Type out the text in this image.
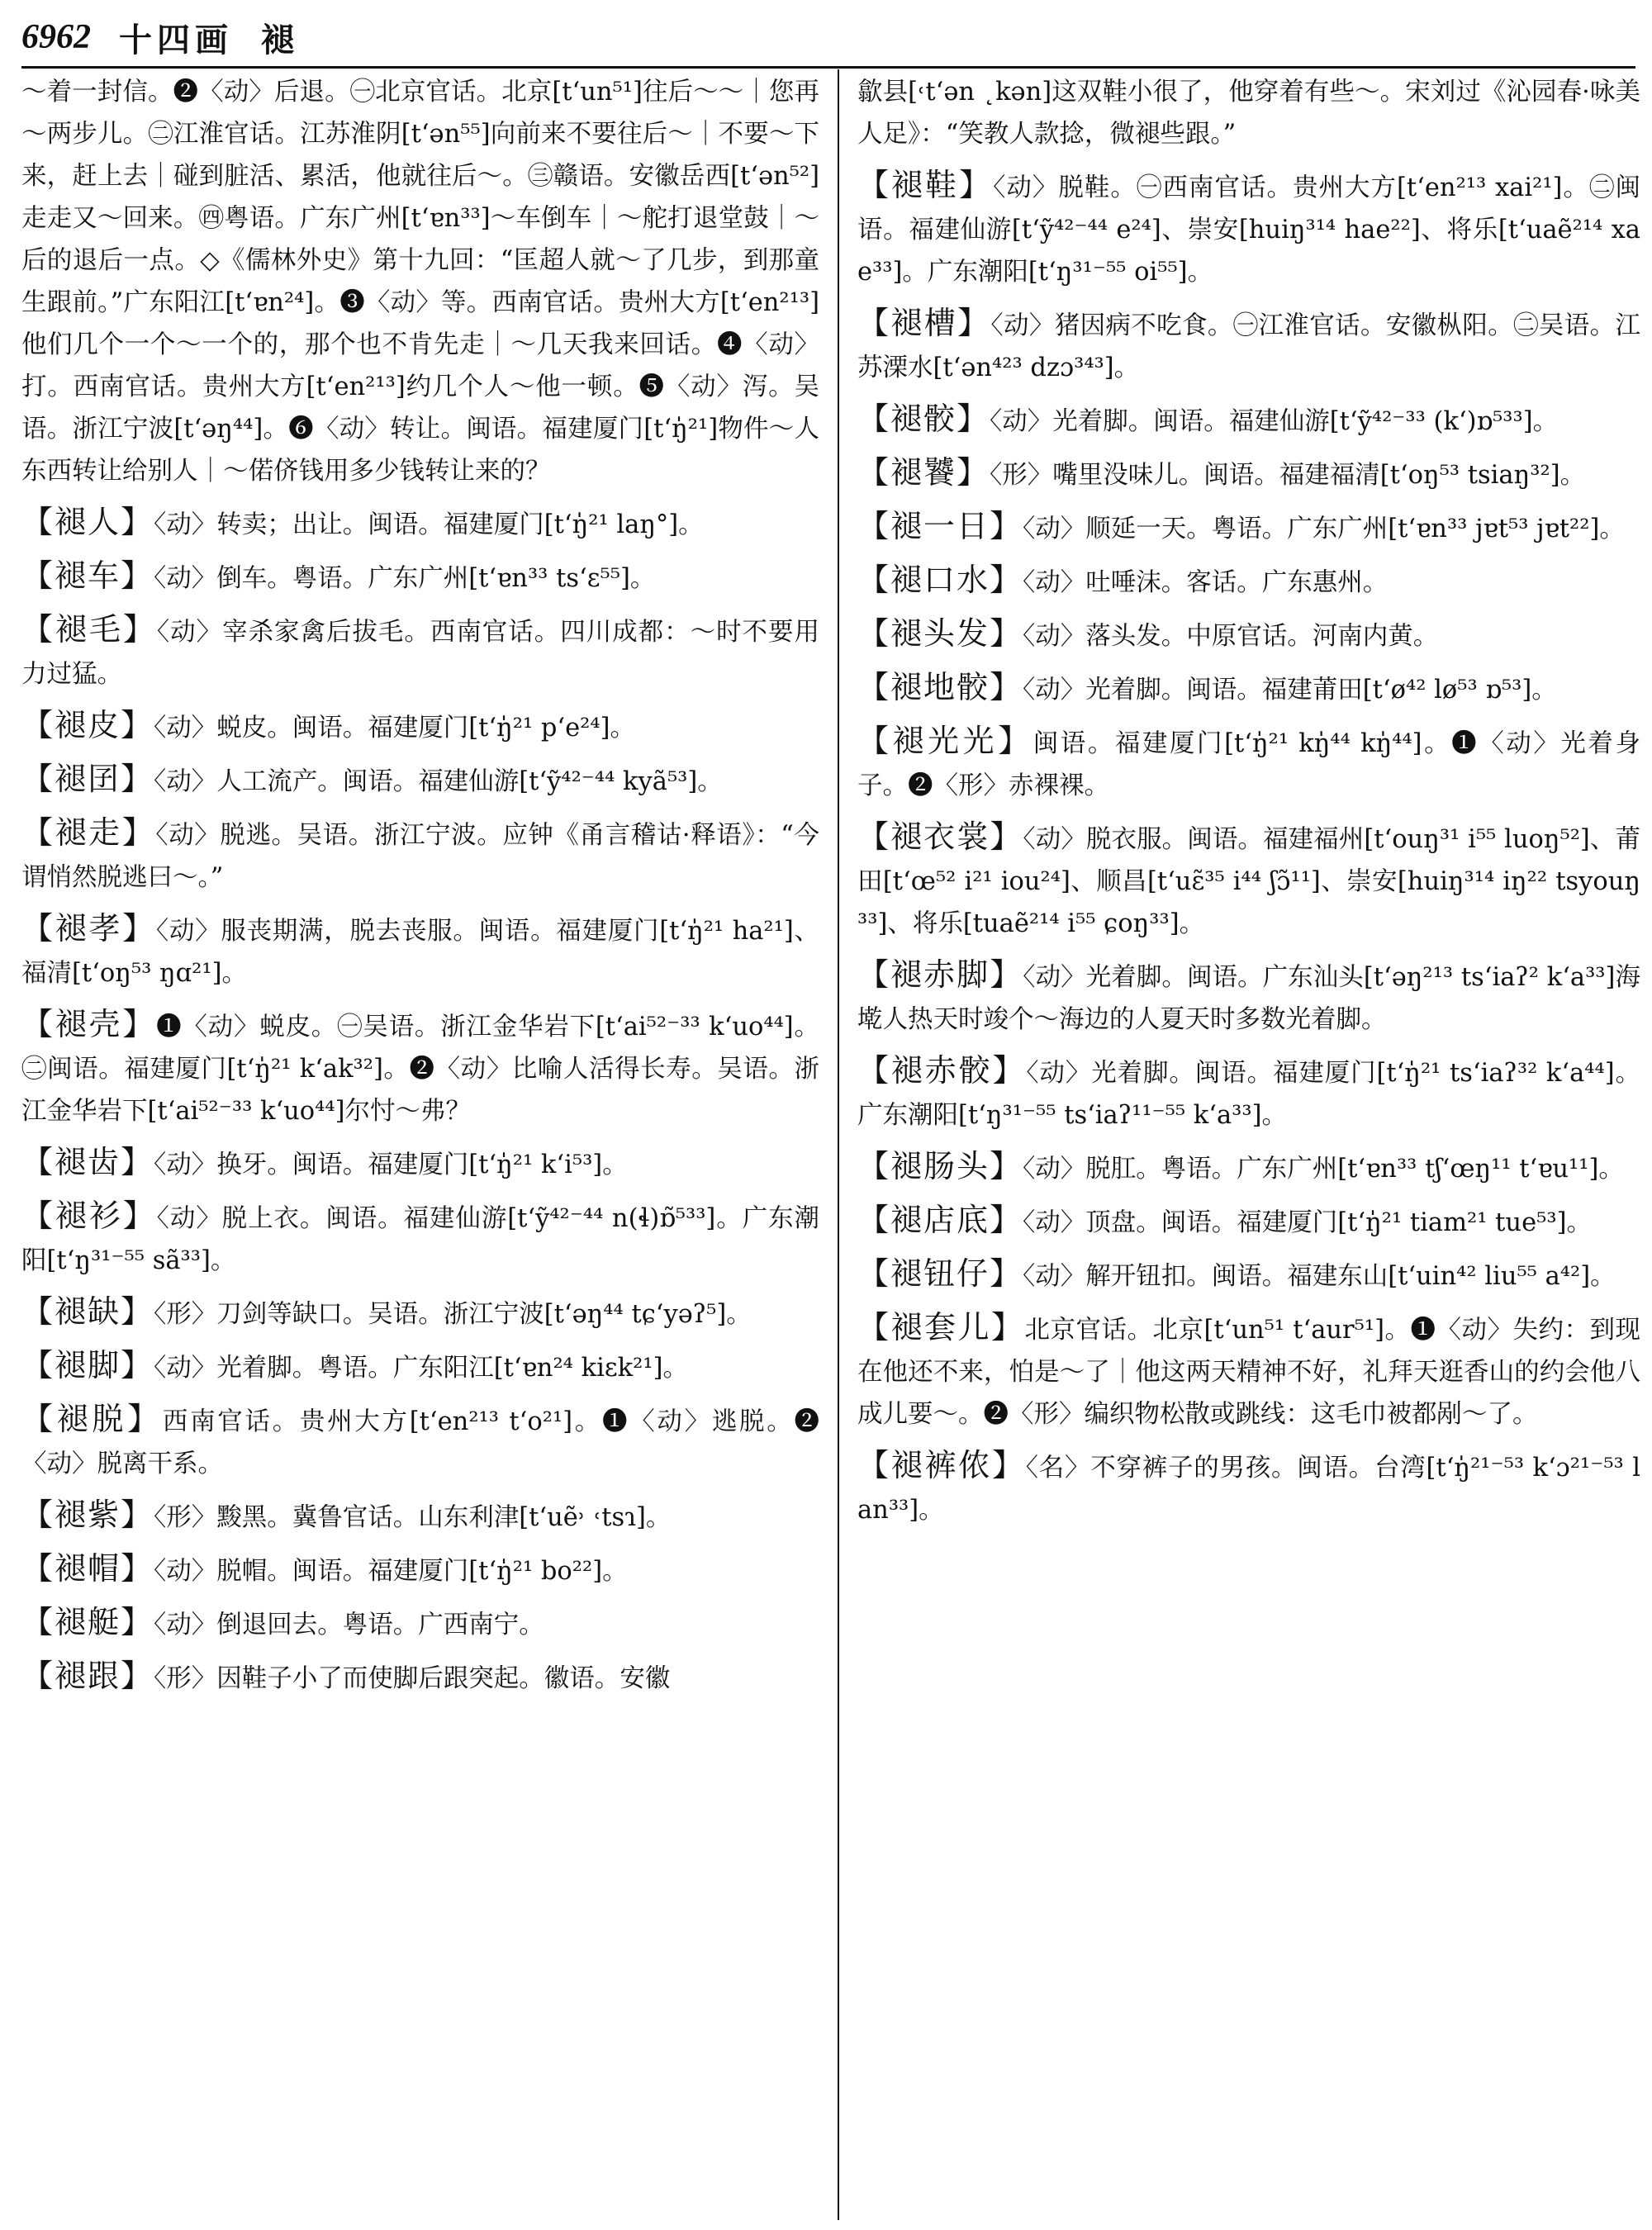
6962 十四画 褪

～着一封信。❷〈动〉后退。㊀北京官话。北京[tʻun⁵¹]往后～～｜您再～两步儿。㊁江淮官话。江苏淮阴[tʻən⁵⁵]向前来不要往后～｜不要～下来，赶上去｜碰到脏活、累活，他就往后～。㊂赣语。安徽岳西[tʻən⁵²]走走又～回来。㊃粤语。广东广州[tʻɐn³³]～车倒车｜～舵打退堂鼓｜～后的退后一点。◇《儒林外史》第十九回：“匡超人就～了几步，到那童生跟前。”广东阳江[tʻɐn²⁴]。❸〈动〉等。西南官话。贵州大方[tʻen²¹³]他们几个一个～一个的，那个也不肯先走｜～几天我来回话。❹〈动〉打。西南官话。贵州大方[tʻen²¹³]约几个人～他一顿。❺〈动〉泻。吴语。浙江宁波[tʻəŋ⁴⁴]。❻〈动〉转让。闽语。福建厦门[tʻŋ̍²¹]物件～人东西转让给别人｜～偌侪钱用多少钱转让来的？

【褪人】〈动〉转卖；出让。闽语。福建厦门[tʻŋ̍²¹ laŋ°]。

【褪车】〈动〉倒车。粤语。广东广州[tʻɐn³³ tsʻɛ⁵⁵]。

【褪毛】〈动〉宰杀家禽后拔毛。西南官话。四川成都：～时不要用力过猛。

【褪皮】〈动〉蜕皮。闽语。福建厦门[tʻŋ̍²¹ pʻe²⁴]。

【褪囝】〈动〉人工流产。闽语。福建仙游[tʻỹ⁴²⁻⁴⁴ kyã⁵³]。

【褪走】〈动〉脱逃。吴语。浙江宁波。应钟《甬言稽诂·释语》：“今谓悄然脱逃曰～。”

【褪孝】〈动〉服丧期满，脱去丧服。闽语。福建厦门[tʻŋ̍²¹ ha²¹]、福清[tʻoŋ⁵³ ŋɑ²¹]。

【褪壳】❶〈动〉蜕皮。㊀吴语。浙江金华岩下[tʻai⁵²⁻³³ kʻuo⁴⁴]。㊁闽语。福建厦门[tʻŋ̍²¹ kʻak³²]。❷〈动〉比喻人活得长寿。吴语。浙江金华岩下[tʻai⁵²⁻³³ kʻuo⁴⁴]尔忖～弗？

【褪齿】〈动〉换牙。闽语。福建厦门[tʻŋ̍²¹ kʻi⁵³]。

【褪衫】〈动〉脱上衣。闽语。福建仙游[tʻỹ⁴²⁻⁴⁴ n(ɬ)ɒ̃⁵³³]。广东潮阳[tʻŋ³¹⁻⁵⁵ sã³³]。

【褪缺】〈形〉刀剑等缺口。吴语。浙江宁波[tʻəŋ⁴⁴ tɕʻyəʔ⁵]。

【褪脚】〈动〉光着脚。粤语。广东阳江[tʻɐn²⁴ kiɛk²¹]。

【褪脱】西南官话。贵州大方[tʻen²¹³ tʻo²¹]。❶〈动〉逃脱。❷〈动〉脱离干系。

【褪紫】〈形〉黢黑。冀鲁官话。山东利津[tʻuẽ˒ ˓tsɿ]。

【褪帽】〈动〉脱帽。闽语。福建厦门[tʻŋ̍²¹ bo²²]。

【褪艇】〈动〉倒退回去。粤语。广西南宁。

【褪跟】〈形〉因鞋子小了而使脚后跟突起。徽语。安徽

歙县[˓tʻən ˛kən]这双鞋小很了，他穿着有些～。宋刘过《沁园春·咏美人足》：“笑教人款捻，微褪些跟。”

【褪鞋】〈动〉脱鞋。㊀西南官话。贵州大方[tʻen²¹³ xai²¹]。㊁闽语。福建仙游[tʻỹ⁴²⁻⁴⁴ e²⁴]、崇安[huiŋ³¹⁴ hae²²]、将乐[tʻuaẽ²¹⁴ xae³³]。广东潮阳[tʻŋ³¹⁻⁵⁵ oi⁵⁵]。

【褪槽】〈动〉猪因病不吃食。㊀江淮官话。安徽枞阳。㊁吴语。江苏溧水[tʻən⁴²³ dzɔ³⁴³]。

【褪骹】〈动〉光着脚。闽语。福建仙游[tʻỹ⁴²⁻³³ (kʻ)ɒ⁵³³]。

【褪饕】〈形〉嘴里没味儿。闽语。福建福清[tʻoŋ⁵³ tsiaŋ³²]。

【褪一日】〈动〉顺延一天。粤语。广东广州[tʻɐn³³ jɐt⁵³ jɐt²²]。

【褪口水】〈动〉吐唾沫。客话。广东惠州。

【褪头发】〈动〉落头发。中原官话。河南内黄。

【褪地骹】〈动〉光着脚。闽语。福建莆田[tʻø⁴² lø⁵³ ɒ⁵³]。

【褪光光】闽语。福建厦门[tʻŋ̍²¹ kŋ̍⁴⁴ kŋ̍⁴⁴]。❶〈动〉光着身子。❷〈形〉赤裸裸。

【褪衣裳】〈动〉脱衣服。闽语。福建福州[tʻouŋ³¹ i⁵⁵ luoŋ⁵²]、莆田[tʻœ⁵² i²¹ iou²⁴]、顺昌[tʻuɛ̃³⁵ i⁴⁴ ʃɔ̃¹¹]、崇安[huiŋ³¹⁴ iŋ²² tsyouŋ³³]、将乐[tuaẽ²¹⁴ i⁵⁵ ɕoŋ³³]。

【褪赤脚】〈动〉光着脚。闽语。广东汕头[tʻəŋ²¹³ tsʻiaʔ² kʻa³³]海墘人热天时竣个～海边的人夏天时多数光着脚。

【褪赤骹】〈动〉光着脚。闽语。福建厦门[tʻŋ̍²¹ tsʻiaʔ³² kʻa⁴⁴]。广东潮阳[tʻŋ³¹⁻⁵⁵ tsʻiaʔ¹¹⁻⁵⁵ kʻa³³]。

【褪肠头】〈动〉脱肛。粤语。广东广州[tʻɐn³³ tʃʻœŋ¹¹ tʻɐu¹¹]。

【褪店底】〈动〉顶盘。闽语。福建厦门[tʻŋ̍²¹ tiam²¹ tue⁵³]。

【褪钮仔】〈动〉解开钮扣。闽语。福建东山[tʻuin⁴² liu⁵⁵ a⁴²]。

【褪套儿】北京官话。北京[tʻun⁵¹ tʻaur⁵¹]。❶〈动〉失约：到现在他还不来，怕是～了｜他这两天精神不好，礼拜天逛香山的约会他八成儿要～。❷〈形〉编织物松散或跳线：这毛巾被都剐～了。

【褪裤侬】〈名〉不穿裤子的男孩。闽语。台湾[tʻŋ̍²¹⁻⁵³ kʻɔ²¹⁻⁵³ lan³³]。
